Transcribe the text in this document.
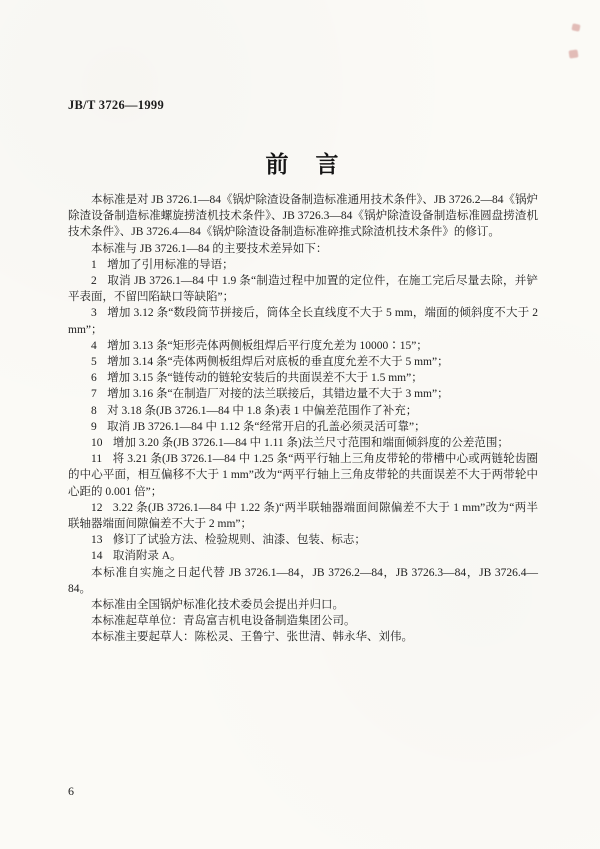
JB/T 3726—1999
前　言

本标准是对 JB 3726.1—84《锅炉除渣设备制造标准通用技术条件》、JB 3726.2—84《锅炉除渣设备制造标准螺旋捞渣机技术条件》、JB 3726.3—84《锅炉除渣设备制造标准圆盘捞渣机技术条件》、JB 3726.4—84《锅炉除渣设备制造标准碎推式除渣机技术条件》的修订。

本标准与 JB 3726.1—84 的主要技术差异如下：

1 增加了引用标准的导语；

2 取消 JB 3726.1—84 中 1.9 条“制造过程中加置的定位件，在施工完后尽量去除，并铲平表面，不留凹陷缺口等缺陷”；

3 增加 3.12 条“数段筒节拼接后，筒体全长直线度不大于 5 mm，端面的倾斜度不大于 2 mm”；

4 增加 3.13 条“矩形壳体两侧板组焊后平行度允差为 10000∶15”；

5 增加 3.14 条“壳体两侧板组焊后对底板的垂直度允差不大于 5 mm”；

6 增加 3.15 条“链传动的链轮安装后的共面误差不大于 1.5 mm”；

7 增加 3.16 条“在制造厂对接的法兰联接后，其错边量不大于 3 mm”；

8 对 3.18 条(JB 3726.1—84 中 1.8 条)表 1 中偏差范围作了补充；

9 取消 JB 3726.1—84 中 1.12 条“经常开启的孔盖必须灵活可靠”；

10 增加 3.20 条(JB 3726.1—84 中 1.11 条)法兰尺寸范围和端面倾斜度的公差范围；

11 将 3.21 条(JB 3726.1—84 中 1.25 条“两平行轴上三角皮带轮的带槽中心或两链轮齿圈的中心平面，相互偏移不大于 1 mm”改为“两平行轴上三角皮带轮的共面误差不大于两带轮中心距的 0.001 倍”；

12 3.22 条(JB 3726.1—84 中 1.22 条)“两半联轴器端面间隙偏差不大于 1 mm”改为“两半联轴器端面间隙偏差不大于 2 mm”；

13 修订了试验方法、检验规则、油漆、包装、标志；

14 取消附录 A。

本标准自实施之日起代替 JB 3726.1—84，JB 3726.2—84，JB 3726.3—84，JB 3726.4—84。

本标准由全国锅炉标准化技术委员会提出并归口。

本标准起草单位：青岛富吉机电设备制造集团公司。

本标准主要起草人：陈松灵、王鲁宁、张世清、韩永华、刘伟。

6
